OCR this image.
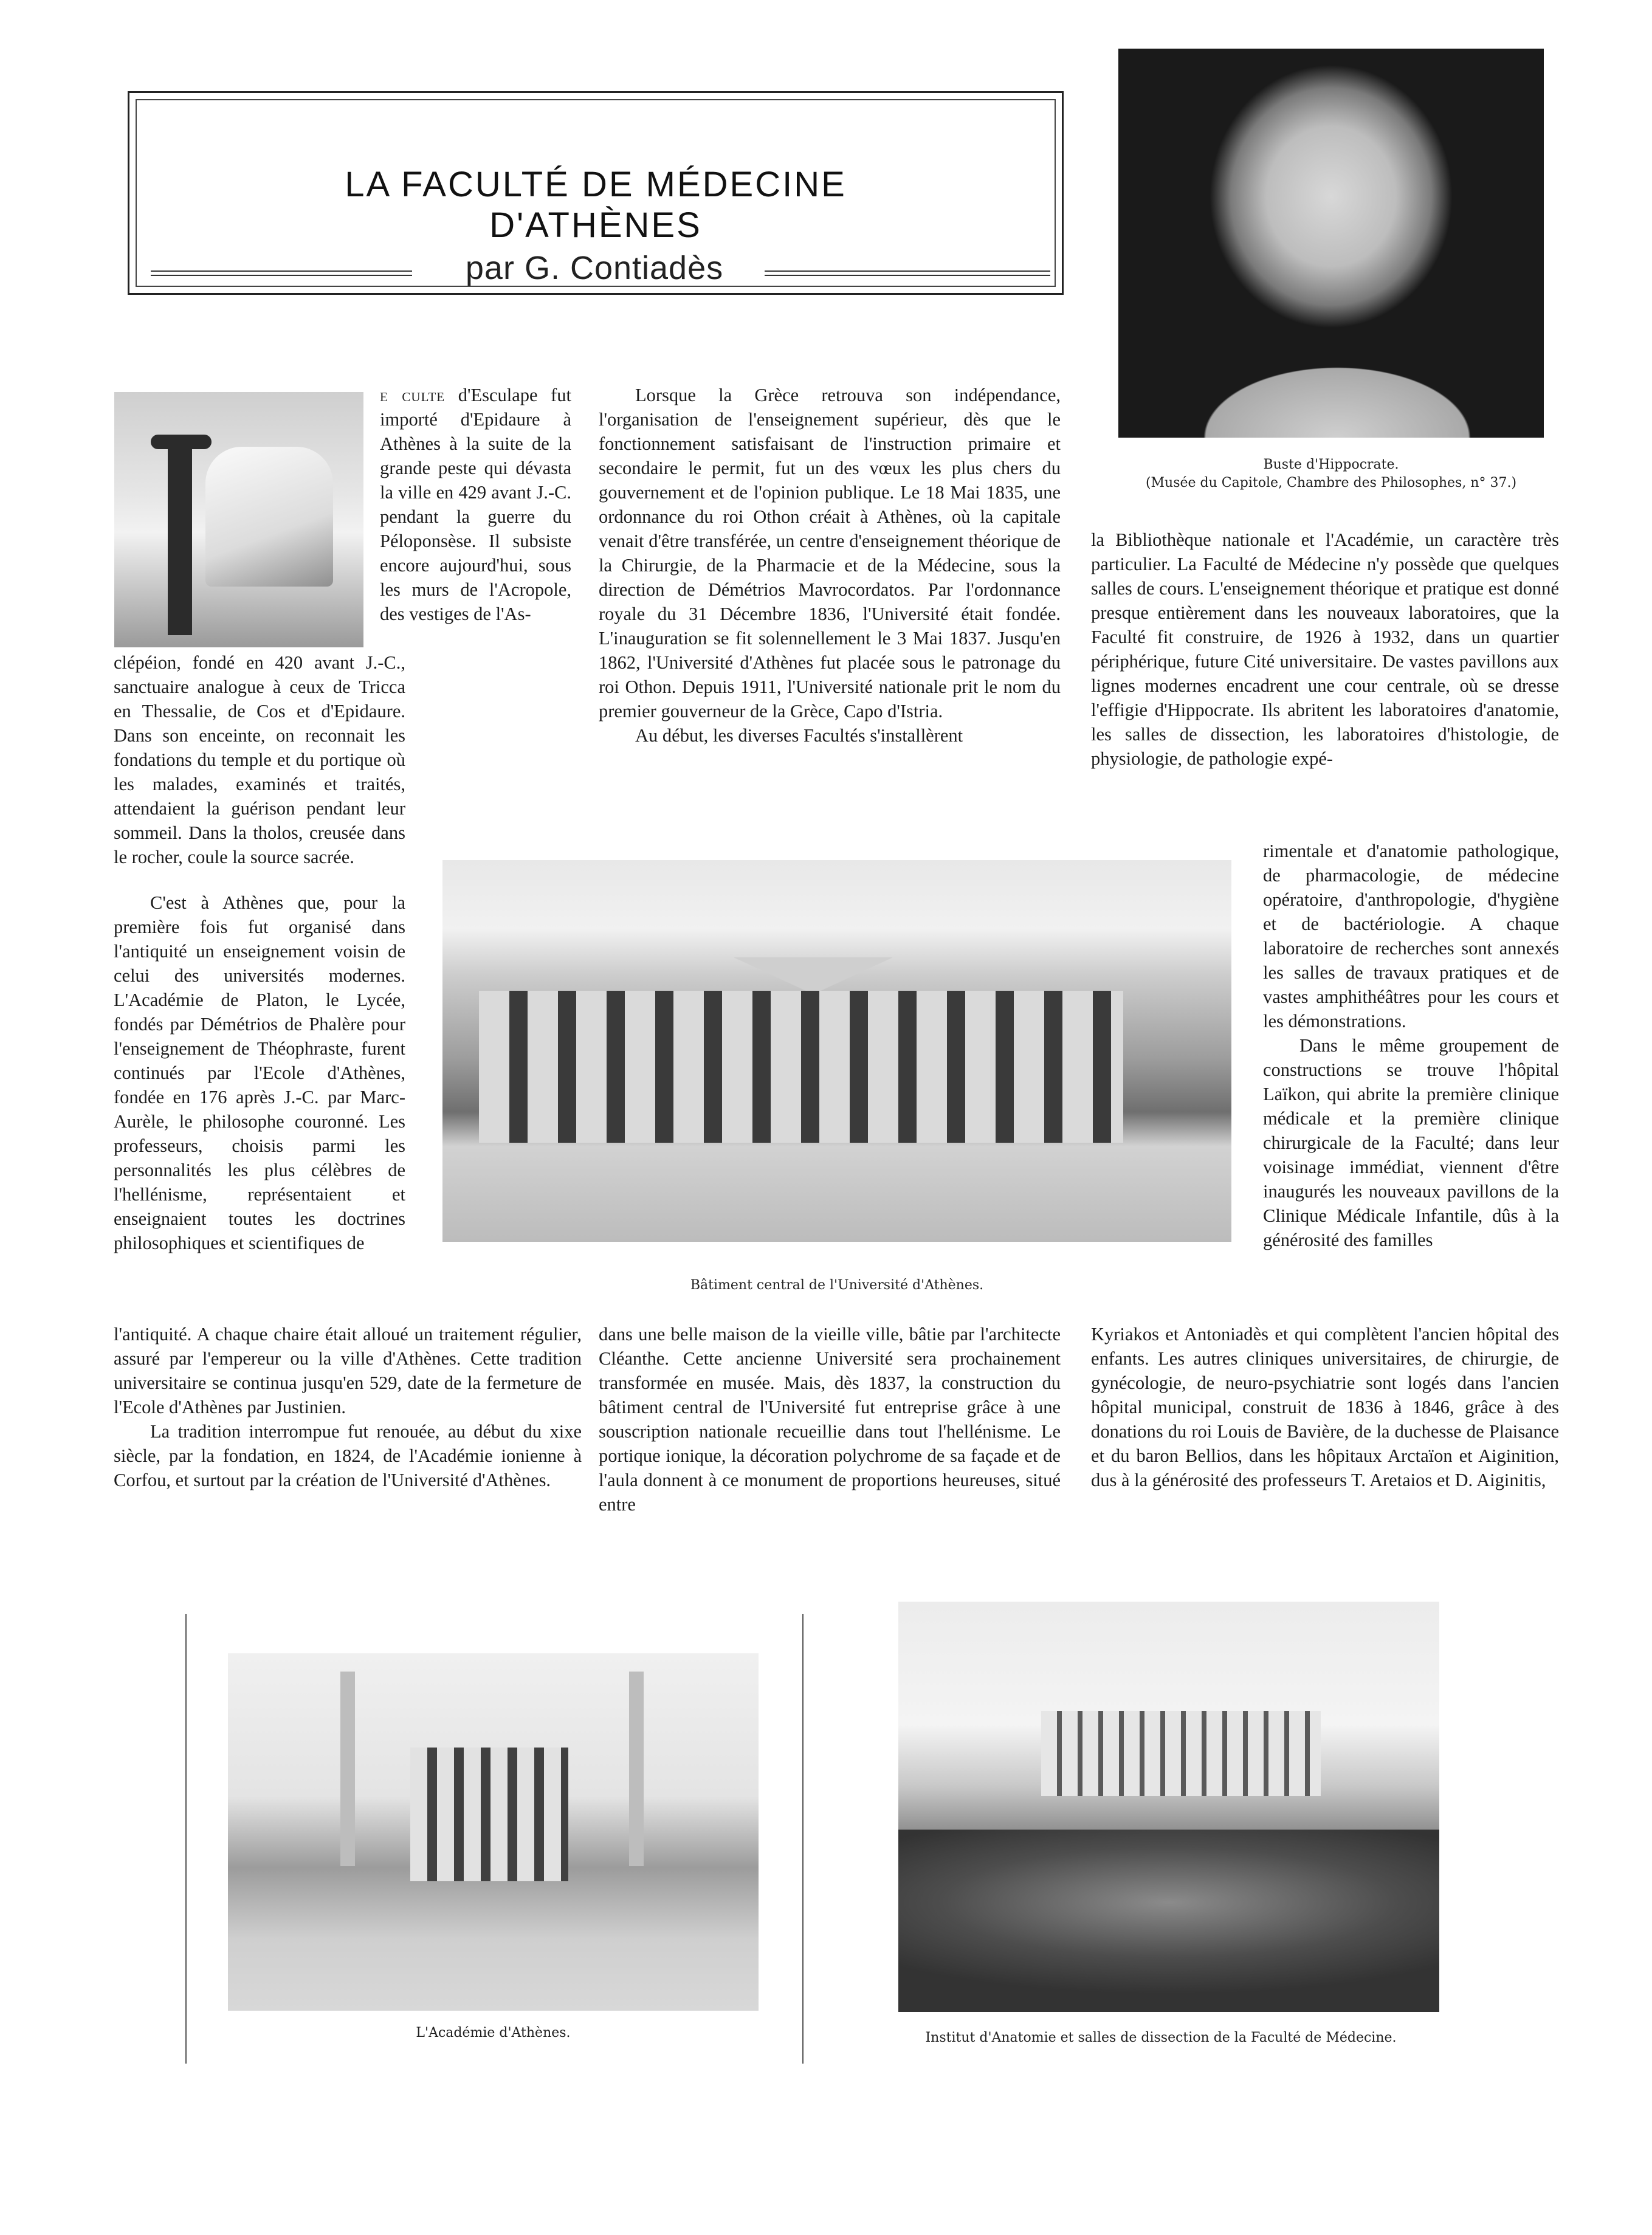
LA FACULTÉ DE MÉDECINE D'ATHÈNES
par G. Contiadès
Buste d'Hippocrate.
(Musée du Capitole, Chambre des Philosophes, n° 37.)
Bâtiment central de l'Université d'Athènes.
L'Académie d'Athènes.	Institut d'Anatomie et salles de dissection de la Faculté de Médecine.

e culte d'Esculape fut importé d'Epidaure à Athènes à la suite de la grande peste qui dévasta la ville en 429 avant J.-C. pendant la guerre du Péloponsèse. Il subsiste encore aujourd'hui, sous les murs de l'Acropole, des vestiges de l'As-

clépéion, fondé en 420 avant J.-C., sanctuaire analogue à ceux de Tricca en Thessalie, de Cos et d'Epidaure. Dans son enceinte, on reconnait les fondations du temple et du portique où les malades, examinés et traités, attendaient la guérison pendant leur sommeil. Dans la tholos, creusée dans le rocher, coule la source sacrée.

C'est à Athènes que, pour la première fois fut organisé dans l'antiquité un enseignement voisin de celui des universités modernes. L'Académie de Platon, le Lycée, fondés par Démétrios de Phalère pour l'enseignement de Théophraste, furent continués par l'Ecole d'Athènes, fondée en 176 après J.-C. par Marc-Aurèle, le philosophe couronné. Les professeurs, choisis parmi les personnalités les plus célèbres de l'hellénisme, représentaient et enseignaient toutes les doctrines philosophiques et scientifiques de

l'antiquité. A chaque chaire était alloué un traitement régulier, assuré par l'empereur ou la ville d'Athènes. Cette tradition universitaire se continua jusqu'en 529, date de la fermeture de l'Ecole d'Athènes par Justinien.

La tradition interrompue fut renouée, au début du xixe siècle, par la fondation, en 1824, de l'Académie ionienne à Corfou, et surtout par la création de l'Université d'Athènes.

Lorsque la Grèce retrouva son indépendance, l'organisation de l'enseignement supérieur, dès que le fonctionnement satisfaisant de l'instruction primaire et secondaire le permit, fut un des vœux les plus chers du gouvernement et de l'opinion publique. Le 18 Mai 1835, une ordonnance du roi Othon créait à Athènes, où la capitale venait d'être transférée, un centre d'enseignement théorique de la Chirurgie, de la Pharmacie et de la Médecine, sous la direction de Démétrios Mavrocordatos. Par l'ordonnance royale du 31 Décembre 1836, l'Université était fondée. L'inauguration se fit solennellement le 3 Mai 1837. Jusqu'en 1862, l'Université d'Athènes fut placée sous le patronage du roi Othon. Depuis 1911, l'Université nationale prit le nom du premier gouverneur de la Grèce, Capo d'Istria.

Au début, les diverses Facultés s'installèrent

dans une belle maison de la vieille ville, bâtie par l'architecte Cléanthe. Cette ancienne Université sera prochainement transformée en musée. Mais, dès 1837, la construction du bâtiment central de l'Université fut entreprise grâce à une souscription nationale recueillie dans tout l'hellénisme. Le portique ionique, la décoration polychrome de sa façade et de l'aula donnent à ce monument de proportions heureuses, situé entre

la Bibliothèque nationale et l'Académie, un caractère très particulier. La Faculté de Médecine n'y possède que quelques salles de cours. L'enseignement théorique et pratique est donné presque entièrement dans les nouveaux laboratoires, que la Faculté fit construire, de 1926 à 1932, dans un quartier périphérique, future Cité universitaire. De vastes pavillons aux lignes modernes encadrent une cour centrale, où se dresse l'effigie d'Hippocrate. Ils abritent les laboratoires d'anatomie, les salles de dissection, les laboratoires d'histologie, de physiologie, de pathologie expé-

rimentale et d'anatomie pathologique, de pharmacologie, de médecine opératoire, d'anthropologie, d'hygiène et de bactériologie. A chaque laboratoire de recherches sont annexés les salles de travaux pratiques et de vastes amphithéâtres pour les cours et les démonstrations.

Dans le même groupement de constructions se trouve l'hôpital Laïkon, qui abrite la première clinique médicale et la première clinique chirurgicale de la Faculté; dans leur voisinage immédiat, viennent d'être inaugurés les nouveaux pavillons de la Clinique Médicale Infantile, dûs à la générosité des familles

Kyriakos et Antoniadès et qui complètent l'ancien hôpital des enfants. Les autres cliniques universitaires, de chirurgie, de gynécologie, de neuro-psychiatrie sont logés dans l'ancien hôpital municipal, construit de 1836 à 1846, grâce à des donations du roi Louis de Bavière, de la duchesse de Plaisance et du baron Bellios, dans les hôpitaux Arctaïon et Aiginition, dus à la générosité des professeurs T. Aretaios et D. Aiginitis,
